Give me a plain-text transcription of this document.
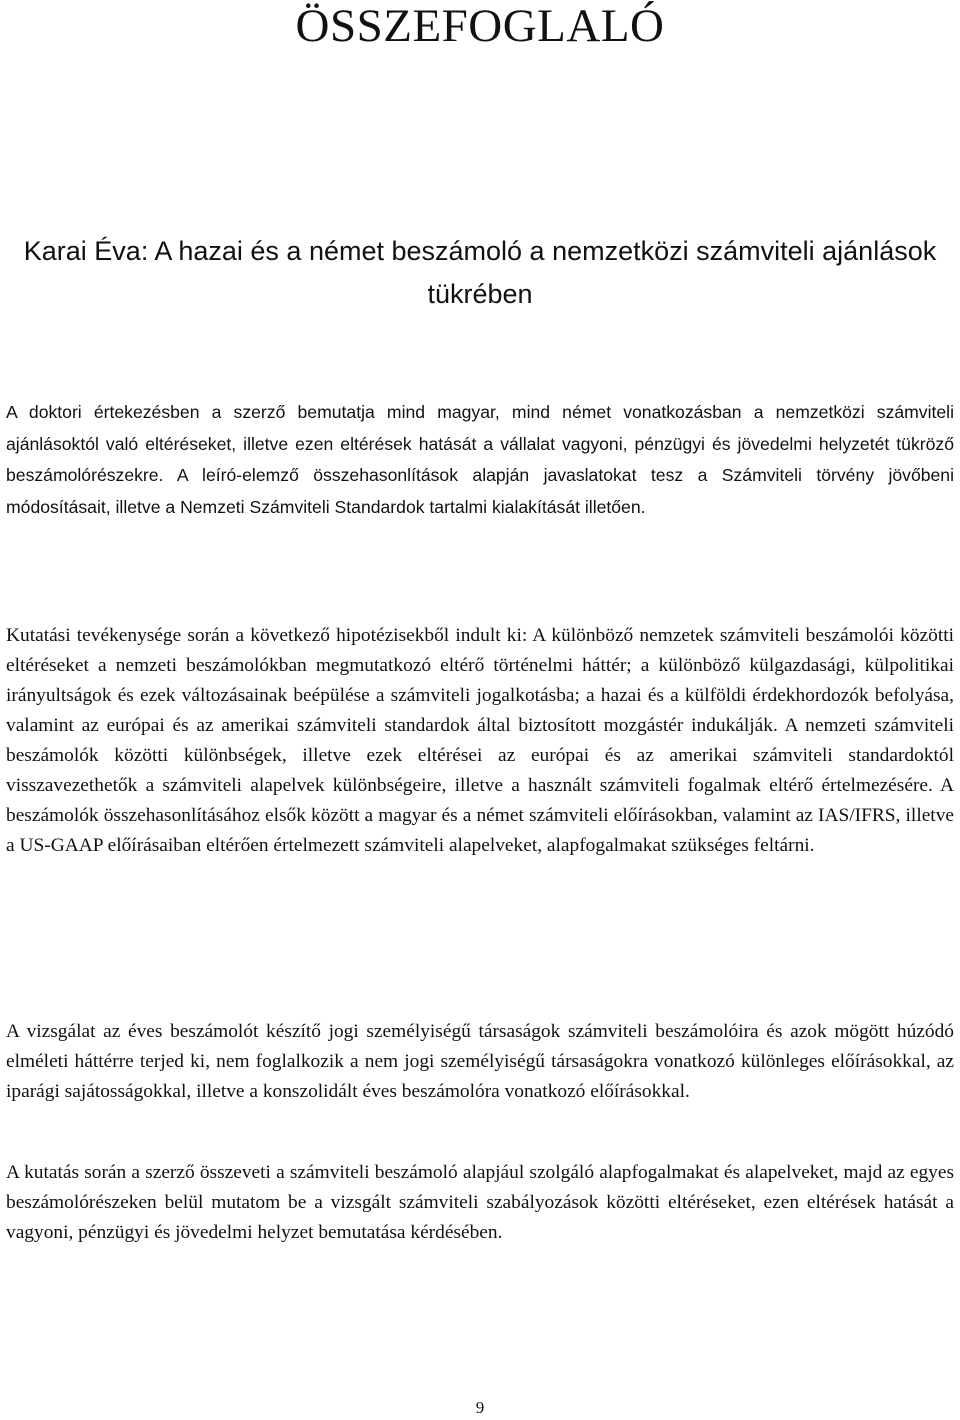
ÖSSZEFOGLALÓ
Karai Éva: A hazai és a német beszámoló a nemzetközi számviteli ajánlások tükrében

A doktori értekezésben a szerző bemutatja mind magyar, mind német vonatkozásban a nemzetközi számviteli ajánlásoktól való eltéréseket, illetve ezen eltérések hatását a vállalat vagyoni, pénzügyi és jövedelmi helyzetét tükröző beszámolórészekre. A leíró-elemző összehasonlítások alapján javaslatokat tesz a Számviteli törvény jövőbeni módosításait, illetve a Nemzeti Számviteli Standardok tartalmi kialakítását illetően.

Kutatási tevékenysége során a következő hipotézisekből indult ki: A különböző nemzetek számviteli beszámolói közötti eltéréseket a nemzeti beszámolókban megmutatkozó eltérő történelmi háttér; a különböző külgazdasági, külpolitikai irányultságok és ezek változásainak beépülése a számviteli jogalkotásba; a hazai és a külföldi érdekhordozók befolyása, valamint az európai és az amerikai számviteli standardok által biztosított mozgástér indukálják. A nemzeti számviteli beszámolók közötti különbségek, illetve ezek eltérései az európai és az amerikai számviteli standardoktól visszavezethetők a számviteli alapelvek különbségeire, illetve a használt számviteli fogalmak eltérő értelmezésére. A beszámolók összehasonlításához elsők között a magyar és a német számviteli előírásokban, valamint az IAS/IFRS, illetve a US-GAAP előírásaiban eltérően értelmezett számviteli alapelveket, alapfogalmakat szükséges feltárni.

A vizsgálat az éves beszámolót készítő jogi személyiségű társaságok számviteli beszámolóira és azok mögött húzódó elméleti háttérre terjed ki, nem foglalkozik a nem jogi személyiségű társaságokra vonatkozó különleges előírásokkal, az iparági sajátosságokkal, illetve a konszolidált éves beszámolóra vonatkozó előírásokkal.

A kutatás során a szerző összeveti a számviteli beszámoló alapjául szolgáló alapfogalmakat és alapelveket, majd az egyes beszámolórészeken belül mutatom be a vizsgált számviteli szabályozások közötti eltéréseket, ezen eltérések hatását a vagyoni, pénzügyi és jövedelmi helyzet bemutatása kérdésében.

9
